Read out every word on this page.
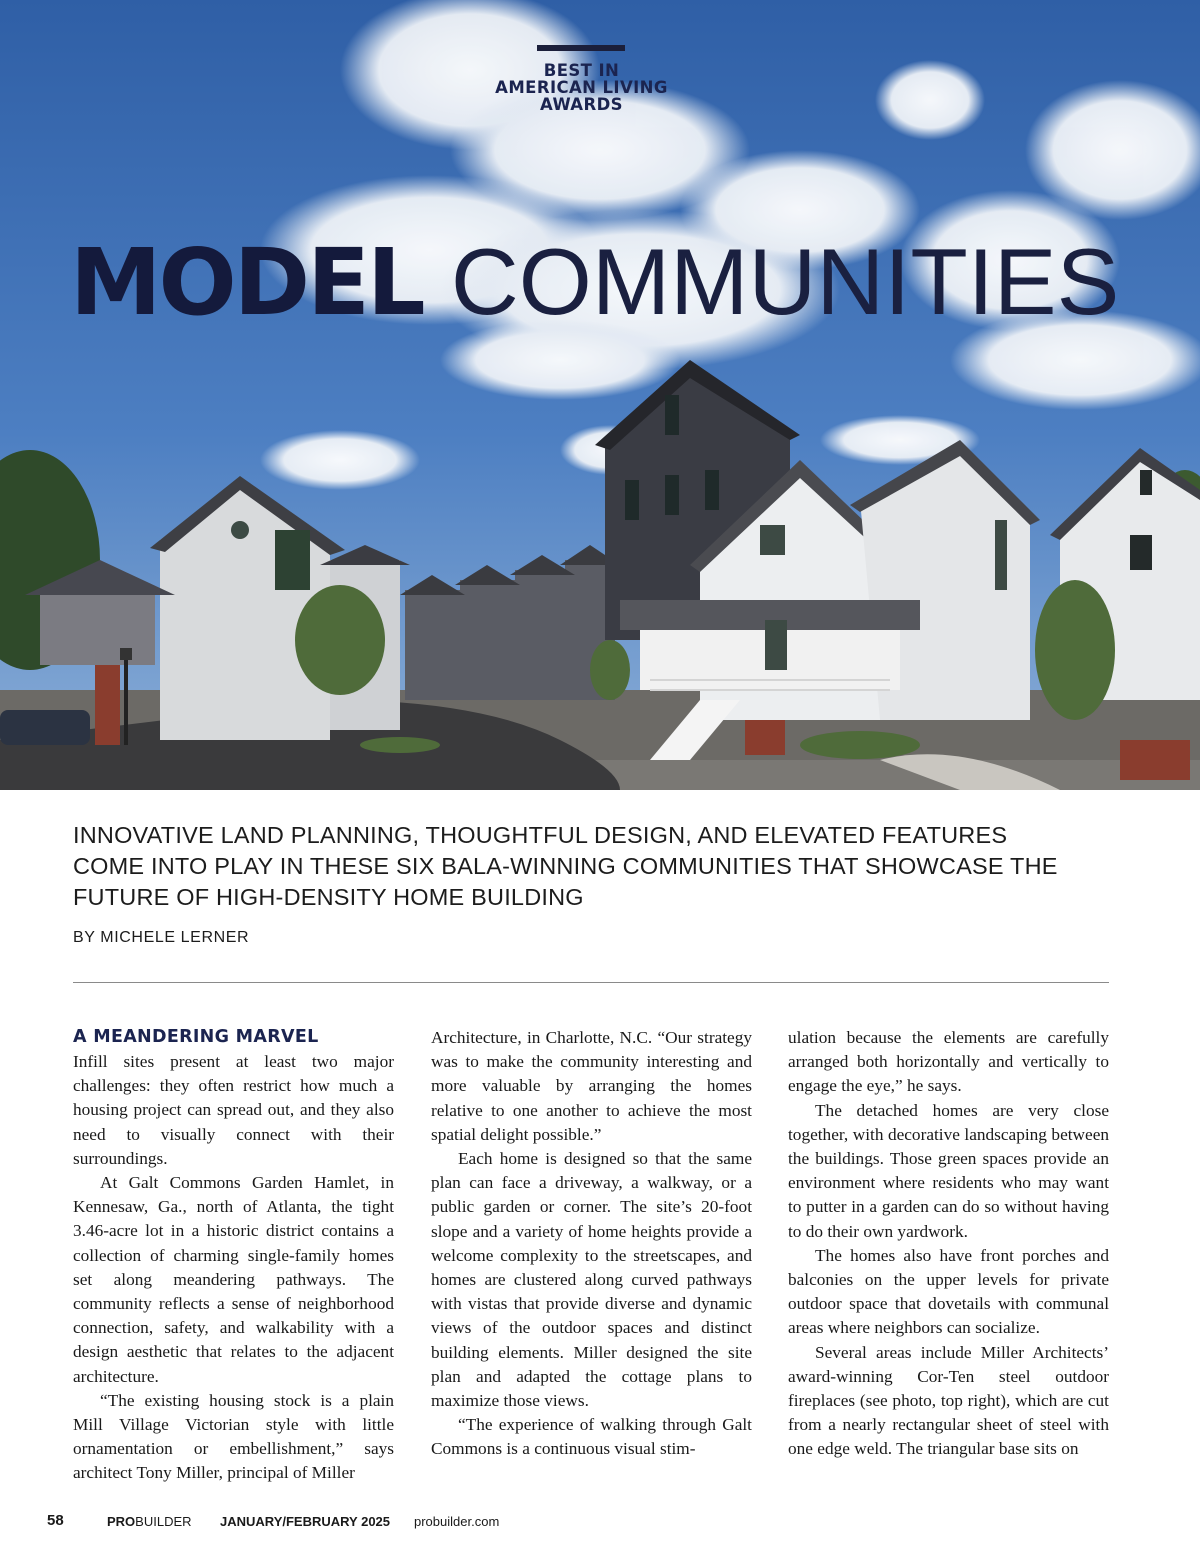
BEST IN
AMERICAN LIVING
AWARDS
MODEL COMMUNITIES
INNOVATIVE LAND PLANNING, THOUGHTFUL DESIGN, AND ELEVATED FEATURES COME INTO PLAY IN THESE SIX BALA-WINNING COMMUNITIES THAT SHOWCASE THE FUTURE OF HIGH-DENSITY HOME BUILDING
BY MICHELE LERNER
A MEANDERING MARVEL

Infill sites present at least two major challenges: they often restrict how much a housing project can spread out, and they also need to visually connect with their surroundings.

At Galt Commons Garden Hamlet, in Kennesaw, Ga., north of Atlanta, the tight 3.46-acre lot in a historic district contains a collection of charming single-family homes set along meandering pathways. The community reflects a sense of neighborhood connection, safety, and walkability with a design aesthetic that relates to the adjacent architecture.

“The existing housing stock is a plain Mill Village Victorian style with little ornamentation or embellishment,” says architect Tony Miller, principal of Miller

Architecture, in Charlotte, N.C. “Our strategy was to make the community interesting and more valuable by arranging the homes relative to one another to achieve the most spatial delight possible.”

Each home is designed so that the same plan can face a driveway, a walkway, or a public garden or corner. The site’s 20-foot slope and a variety of home heights provide a welcome complexity to the streetscapes, and homes are clustered along curved pathways with vistas that provide diverse and dynamic views of the outdoor spaces and distinct building elements. Miller designed the site plan and adapted the cottage plans to maximize those views.

“The experience of walking through Galt Commons is a continuous visual stim-

ulation because the elements are carefully arranged both horizontally and vertically to engage the eye,” he says.

The detached homes are very close together, with decorative landscaping between the buildings. Those green spaces provide an environment where residents who may want to putter in a garden can do so without having to do their own yardwork.

The homes also have front porches and balconies on the upper levels for private outdoor space that dovetails with communal areas where neighbors can socialize.

Several areas include Miller Architects’ award-winning Cor-Ten steel outdoor fireplaces (see photo, top right), which are cut from a nearly rectangular sheet of steel with one edge weld. The triangular base sits on

58	PROBUILDER JANUARY/FEBRUARY 2025 probuilder.com
